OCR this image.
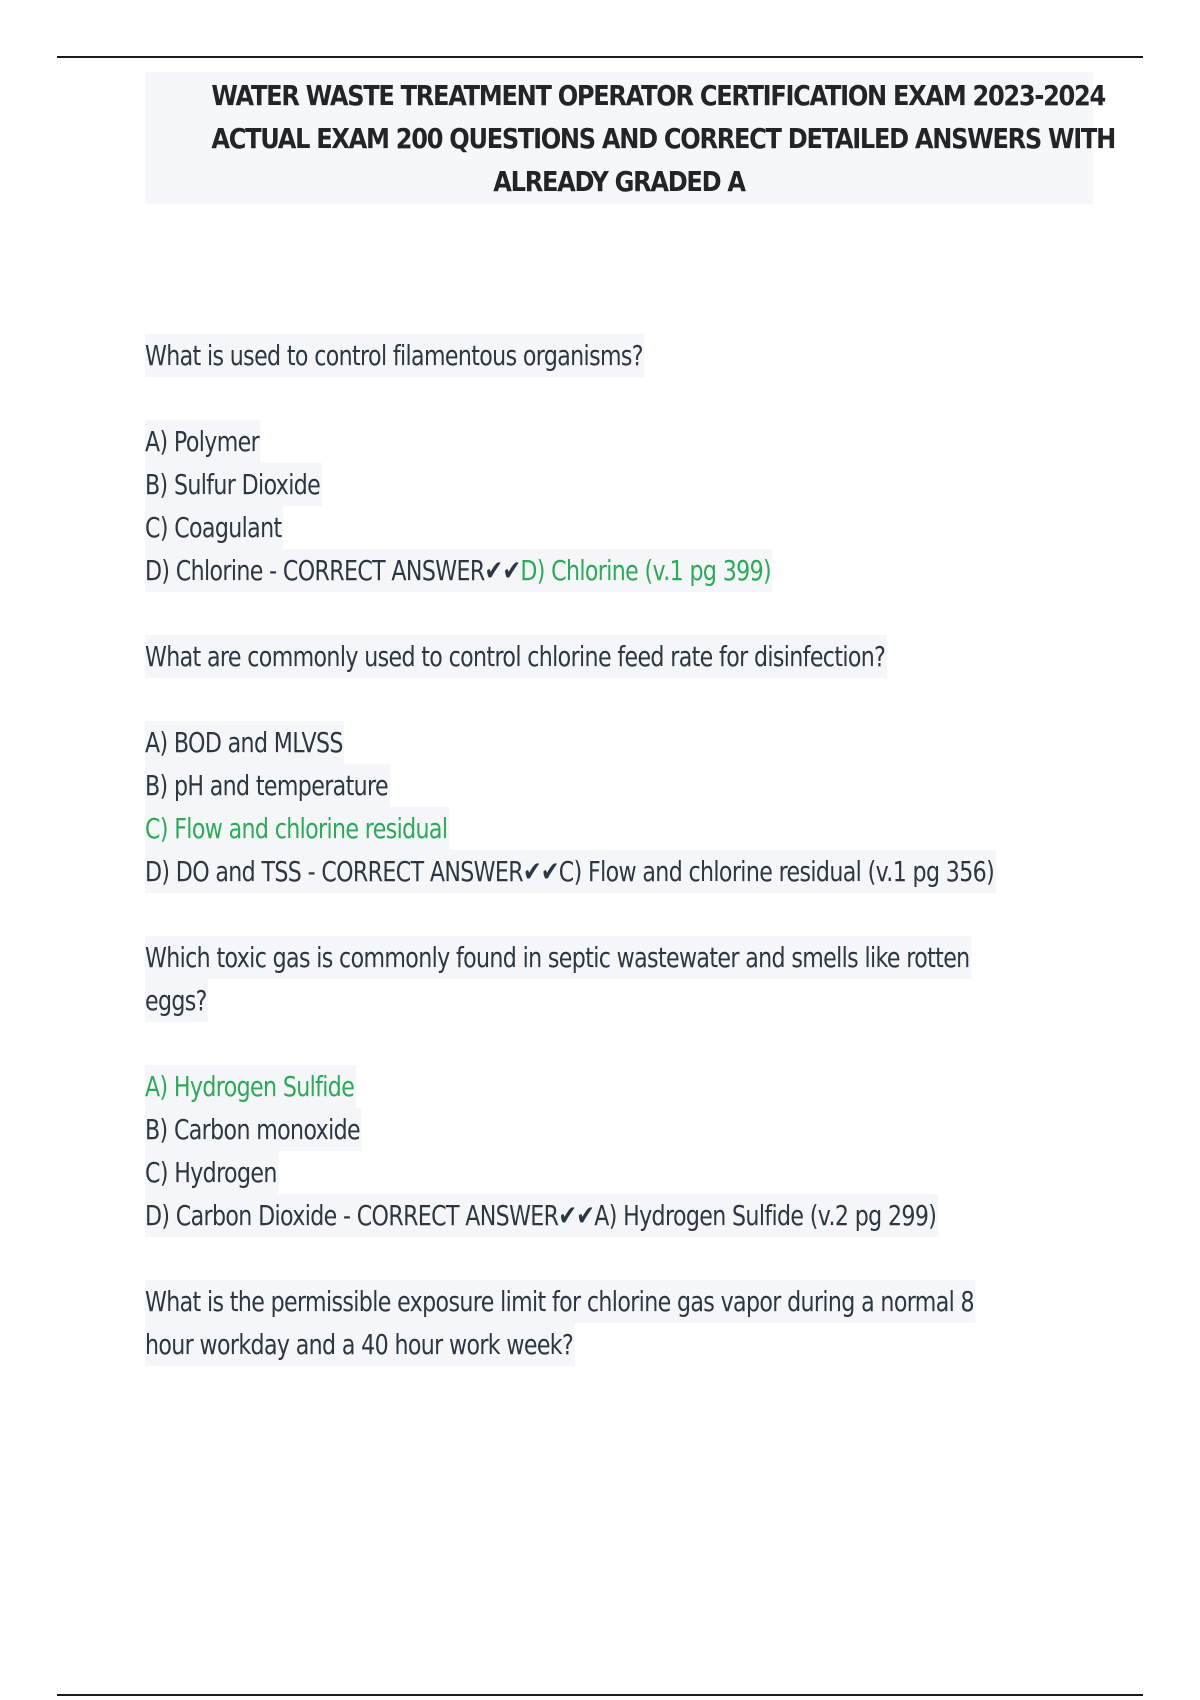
WATER WASTE TREATMENT OPERATOR CERTIFICATION EXAM 2023-2024
ACTUAL EXAM 200 QUESTIONS AND CORRECT DETAILED ANSWERS WITH
ALREADY GRADED A
What is used to control filamentous organisms?
A) Polymer
B) Sulfur Dioxide
C) Coagulant
D) Chlorine - CORRECT ANSWER✔✔D) Chlorine (v.1 pg 399)
What are commonly used to control chlorine feed rate for disinfection?
A) BOD and MLVSS
B) pH and temperature
C) Flow and chlorine residual
D) DO and TSS - CORRECT ANSWER✔✔C) Flow and chlorine residual (v.1 pg 356)
Which toxic gas is commonly found in septic wastewater and smells like rotten
eggs?
A) Hydrogen Sulfide
B) Carbon monoxide
C) Hydrogen
D) Carbon Dioxide - CORRECT ANSWER✔✔A) Hydrogen Sulfide (v.2 pg 299)
What is the permissible exposure limit for chlorine gas vapor during a normal 8
hour workday and a 40 hour work week?
